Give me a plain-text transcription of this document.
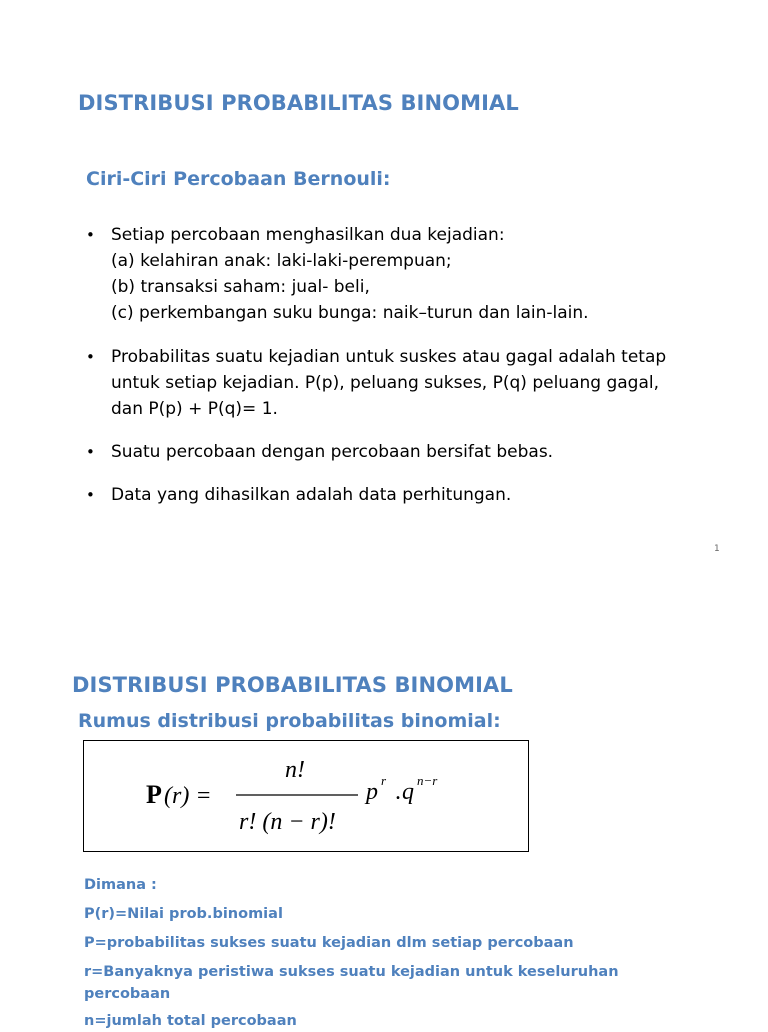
DISTRIBUSI PROBABILITAS BINOMIAL
Ciri-Ciri Percobaan Bernouli:
• Setiap percobaan menghasilkan dua kejadian:
(a) kelahiran anak: laki-laki-perempuan;
(b) transaksi saham: jual- beli,
(c) perkembangan suku bunga: naik–turun dan lain-lain.
• Probabilitas suatu kejadian untuk suskes atau gagal adalah tetap
untuk setiap kejadian. P(p), peluang sukses, P(q) peluang gagal,
dan P(p) + P(q)= 1.
• Suatu percobaan dengan percobaan bersifat bebas.
• Data yang dihasilkan adalah data perhitungan.
1
DISTRIBUSI PROBABILITAS BINOMIAL
Rumus distribusi probabilitas binomial:
P (r) =
n!
r! (n − r)!
p r . q n−r

Dimana :

P(r)=Nilai prob.binomial

P=probabilitas sukses suatu kejadian dlm setiap percobaan

r=Banyaknya peristiwa sukses suatu kejadian untuk keseluruhan

percobaan

n=jumlah total percobaan
